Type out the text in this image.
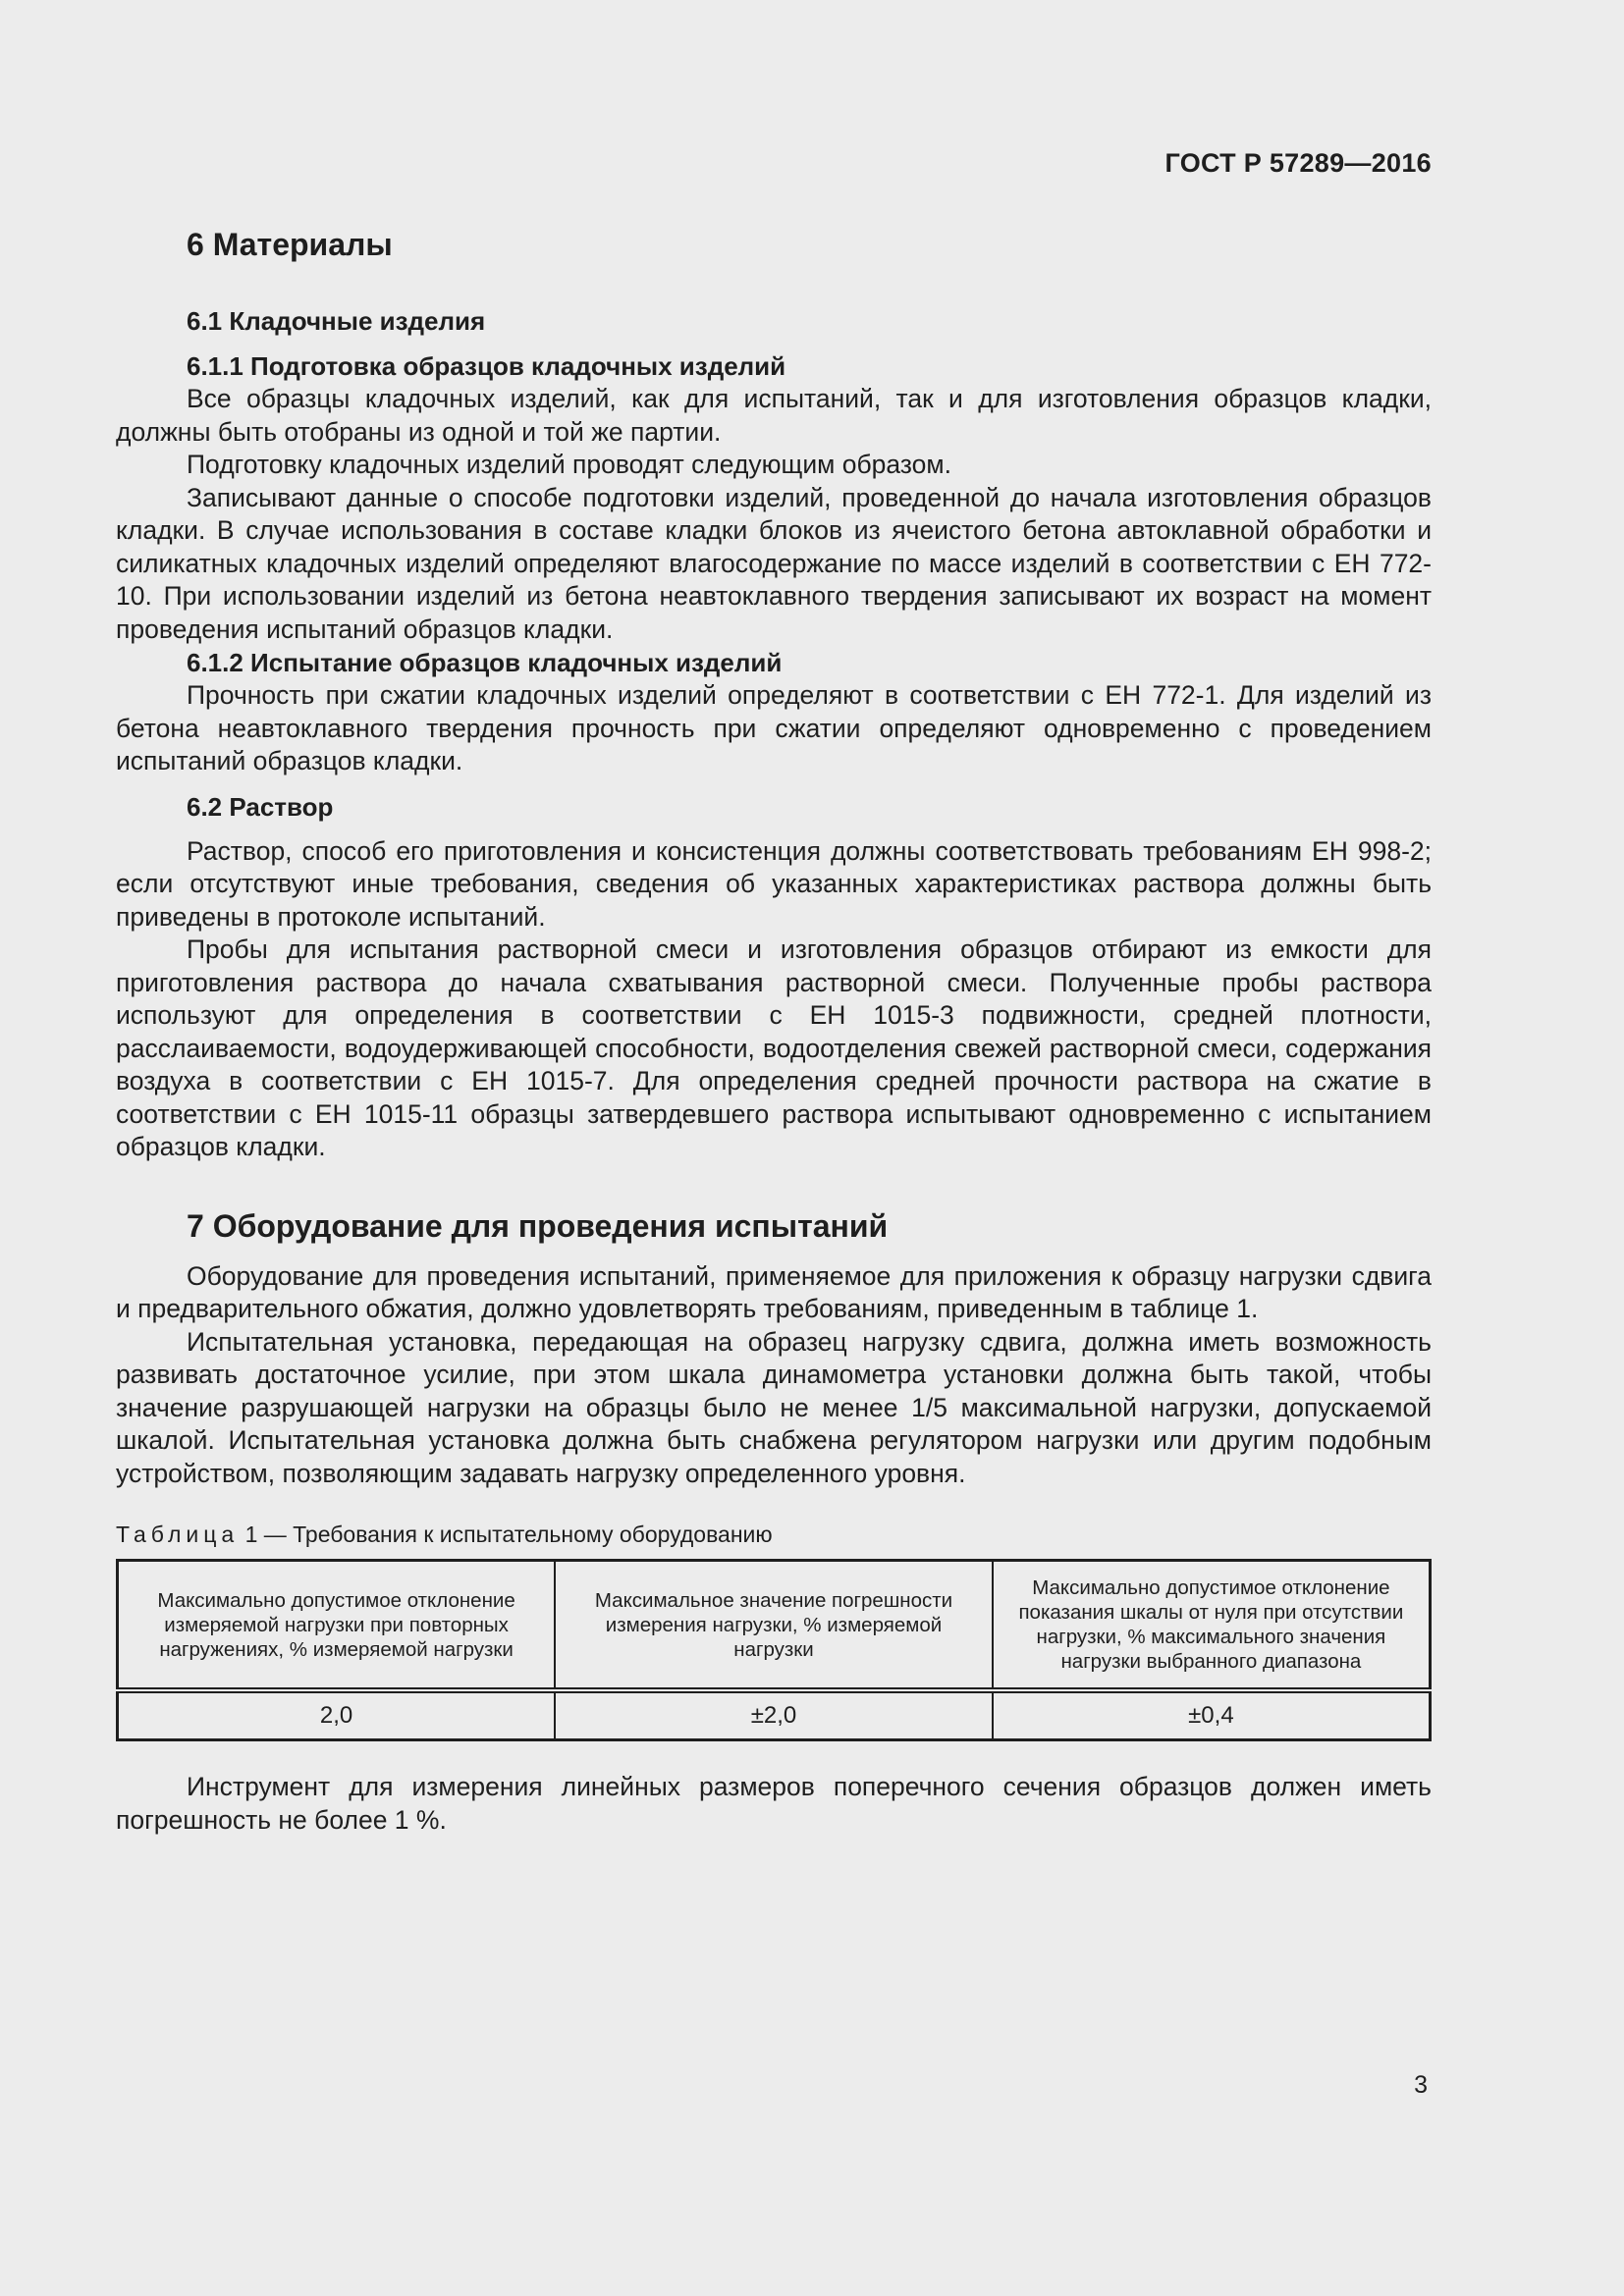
ГОСТ Р 57289—2016
6 Материалы
6.1 Кладочные изделия
6.1.1 Подготовка образцов кладочных изделий

Все образцы кладочных изделий, как для испытаний, так и для изготовления образцов кладки, должны быть отобраны из одной и той же партии.

Подготовку кладочных изделий проводят следующим образом.

Записывают данные о способе подготовки изделий, проведенной до начала изготовления образцов кладки. В случае использования в составе кладки блоков из ячеистого бетона автоклавной обработки и силикатных кладочных изделий определяют влагосодержание по массе изделий в соответствии с ЕН 772-10. При использовании изделий из бетона неавтоклавного твердения записывают их возраст на момент проведения испытаний образцов кладки.

6.1.2 Испытание образцов кладочных изделий

Прочность при сжатии кладочных изделий определяют в соответствии с ЕН 772-1. Для изделий из бетона неавтоклавного твердения прочность при сжатии определяют одновременно с проведением испытаний образцов кладки.

6.2 Раствор

Раствор, способ его приготовления и консистенция должны соответствовать требованиям ЕН 998-2; если отсутствуют иные требования, сведения об указанных характеристиках раствора должны быть приведены в протоколе испытаний.

Пробы для испытания растворной смеси и изготовления образцов отбирают из емкости для приготовления раствора до начала схватывания растворной смеси. Полученные пробы раствора используют для определения в соответствии с ЕН 1015-3 подвижности, средней плотности, расслаиваемости, водоудерживающей способности, водоотделения свежей растворной смеси, содержания воздуха в соответствии с ЕН 1015-7. Для определения средней прочности раствора на сжатие в соответствии с ЕН 1015-11 образцы затвердевшего раствора испытывают одновременно с испытанием образцов кладки.

7 Оборудование для проведения испытаний

Оборудование для проведения испытаний, применяемое для приложения к образцу нагрузки сдвига и предварительного обжатия, должно удовлетворять требованиям, приведенным в таблице 1.

Испытательная установка, передающая на образец нагрузку сдвига, должна иметь возможность развивать достаточное усилие, при этом шкала динамометра установки должна быть такой, чтобы значение разрушающей нагрузки на образцы было не менее 1/5 максимальной нагрузки, допускаемой шкалой. Испытательная установка должна быть снабжена регулятором нагрузки или другим подобным устройством, позволяющим задавать нагрузку определенного уровня.

Таблица 1 — Требования к испытательному оборудованию
Максимально допустимое отклонение измеряемой нагрузки при повторных нагружениях, % измеряемой нагрузки	Максимальное значение погрешности измерения нагрузки, % измеряемой нагрузки	Максимально допустимое отклонение показания шкалы от нуля при отсутствии нагрузки, % максимального значения нагрузки выбранного диапазона
2,0	±2,0	±0,4

Инструмент для измерения линейных размеров поперечного сечения образцов должен иметь погрешность не более 1 %.

3
